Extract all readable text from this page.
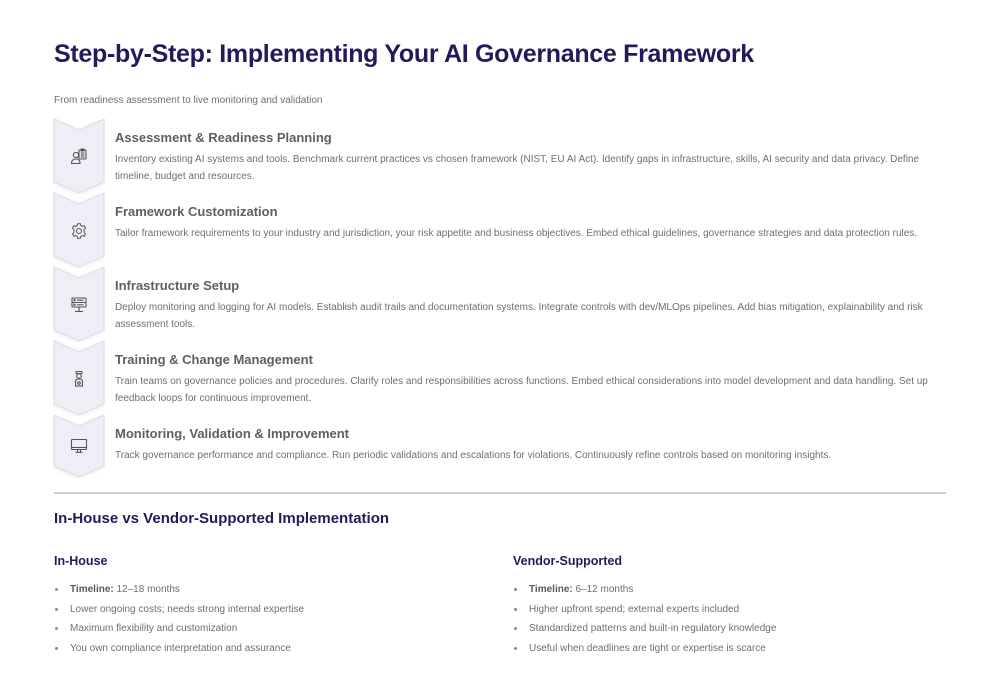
Step-by-Step: Implementing Your AI Governance Framework

From readiness assessment to live monitoring and validation

Assessment & Readiness Planning
Inventory existing AI systems and tools. Benchmark current practices vs chosen framework (NIST, EU AI Act). Identify gaps in infrastructure, skills, AI security and data privacy. Define timeline, budget and resources.
Framework Customization
Tailor framework requirements to your industry and jurisdiction, your risk appetite and business objectives. Embed ethical guidelines, governance strategies and data protection rules.
Infrastructure Setup
Deploy monitoring and logging for AI models. Establish audit trails and documentation systems. Integrate controls with dev/MLOps pipelines. Add bias mitigation, explainability and risk assessment tools.
Training & Change Management
Train teams on governance policies and procedures. Clarify roles and responsibilities across functions. Embed ethical considerations into model development and data handling. Set up feedback loops for continuous improvement.
Monitoring, Validation & Improvement
Track governance performance and compliance. Run periodic validations and escalations for violations. Continuously refine controls based on monitoring insights.
In-House vs Vendor-Supported Implementation
In-House
Timeline: 12–18 months
Lower ongoing costs; needs strong internal expertise
Maximum flexibility and customization
You own compliance interpretation and assurance
Vendor-Supported
Timeline: 6–12 months
Higher upfront spend; external experts included
Standardized patterns and built-in regulatory knowledge
Useful when deadlines are tight or expertise is scarce
